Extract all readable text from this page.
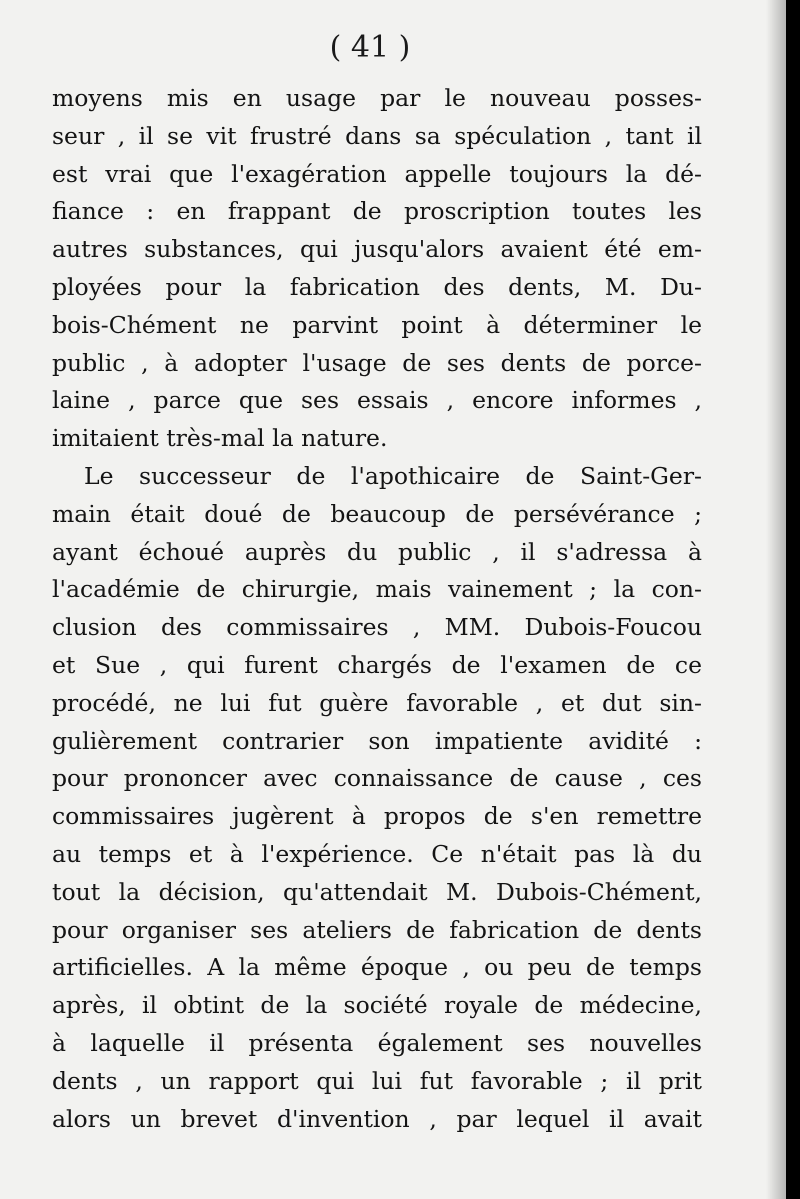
( 41 )
moyens mis en usage par le nouveau posses-
seur , il se vit frustré dans sa spéculation , tant il
est vrai que l'exagération appelle toujours la dé-
fiance : en frappant de proscription toutes les
autres substances, qui jusqu'alors avaient été em-
ployées pour la fabrication des dents, M. Du-
bois-Chément ne parvint point à déterminer le
public , à adopter l'usage de ses dents de porce-
laine , parce que ses essais , encore informes ,
imitaient très-mal la nature.
Le successeur de l'apothicaire de Saint-Ger-
main était doué de beaucoup de persévérance ;
ayant échoué auprès du public , il s'adressa à
l'académie de chirurgie, mais vainement ; la con-
clusion des commissaires , MM. Dubois-Foucou
et Sue , qui furent chargés de l'examen de ce
procédé, ne lui fut guère favorable , et dut sin-
gulièrement contrarier son impatiente avidité :
pour prononcer avec connaissance de cause , ces
commissaires jugèrent à propos de s'en remettre
au temps et à l'expérience. Ce n'était pas là du
tout la décision, qu'attendait M. Dubois-Chément,
pour organiser ses ateliers de fabrication de dents
artificielles. A la même époque , ou peu de temps
après, il obtint de la société royale de médecine,
à laquelle il présenta également ses nouvelles
dents , un rapport qui lui fut favorable ; il prit
alors un brevet d'invention , par lequel il avait
